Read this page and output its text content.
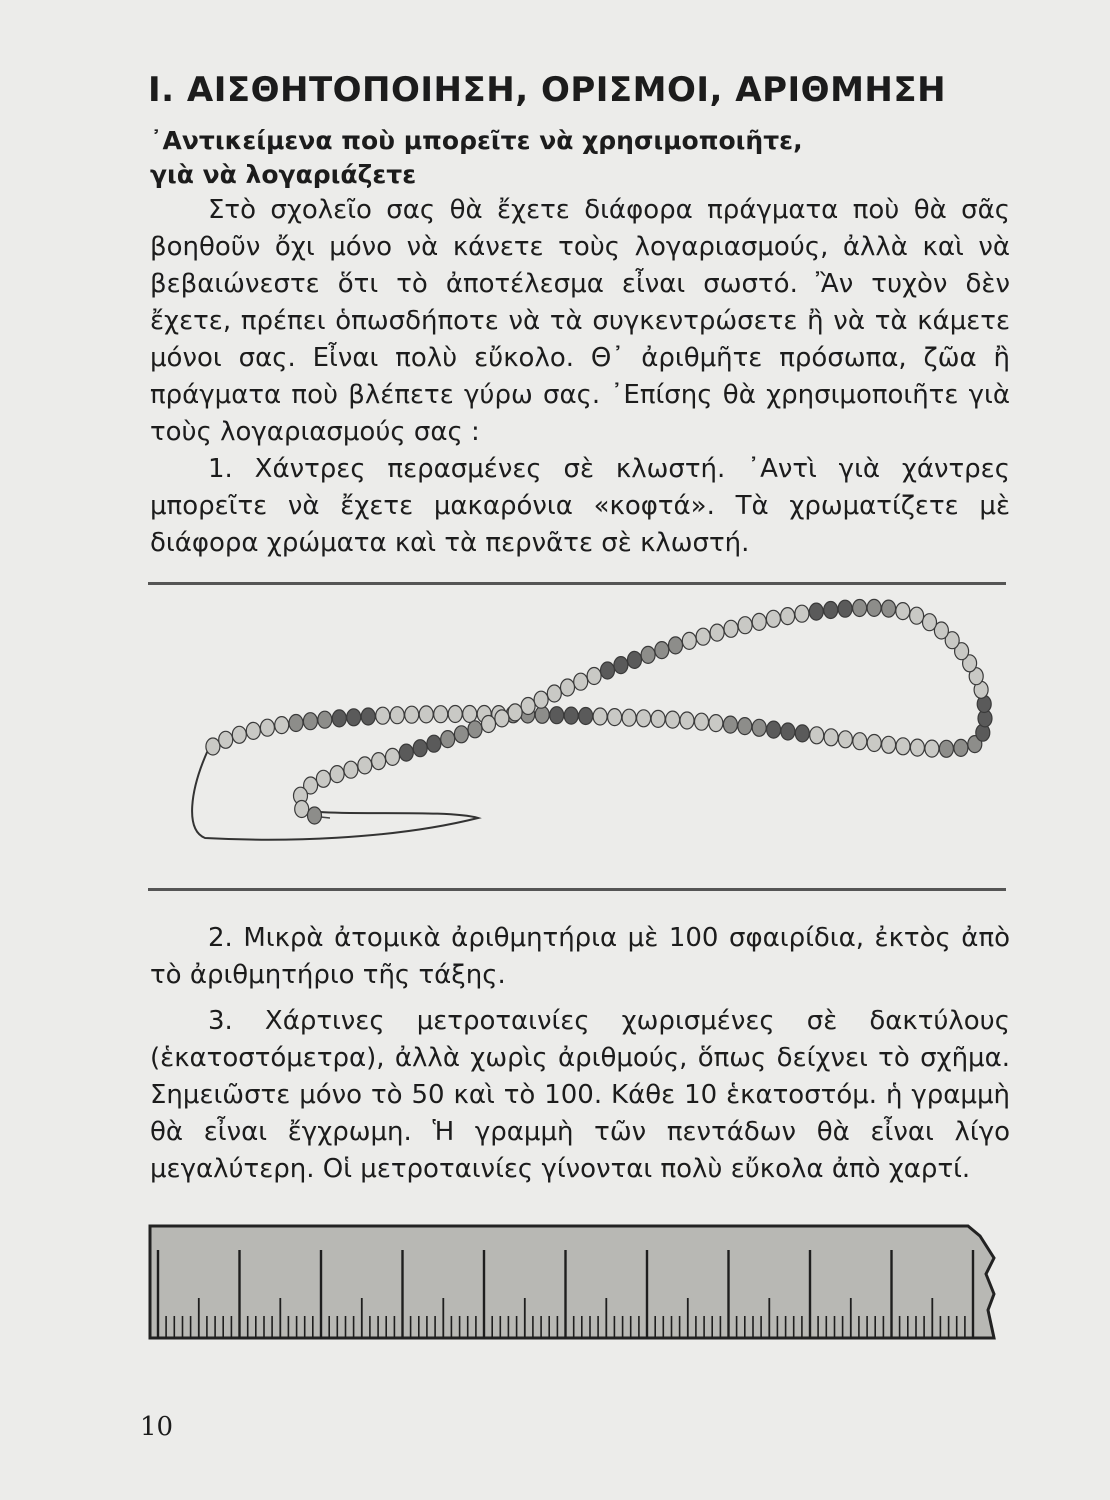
I. ΑΙΣΘΗΤΟΠΟΙΗΣΗ, ΟΡΙΣΜΟΙ, ΑΡΙΘΜΗΣΗ
᾿Αντικείμενα ποὺ μπορεῖτε νὰ χρησιμοποιῆτε,
γιὰ νὰ λογαριάζετε

Στὸ σχολεῖο σας θὰ ἔχετε διάφορα πράγματα ποὺ θὰ σᾶς βοηθοῦν ὄχι μόνο νὰ κάνετε τοὺς λογαριασμούς, ἀλλὰ καὶ νὰ βεβαιώνεστε ὅτι τὸ ἀποτέλεσμα εἶναι σωστό. Ἂν τυχὸν δὲν ἔχετε, πρέπει ὁπωσδήποτε νὰ τὰ συγκεντρώσετε ἢ νὰ τὰ κάμετε μόνοι σας. Εἶναι πολὺ εὔκολο. Θ᾿ ἀριθμῆτε πρόσωπα, ζῶα ἢ πράγματα ποὺ βλέπετε γύρω σας. ᾿Επίσης θὰ χρησιμοποιῆτε γιὰ τοὺς λογαριασμούς σας :

1. Χάντρες περασμένες σὲ κλωστή. ᾿Αντὶ γιὰ χάντρες μπορεῖτε νὰ ἔχετε μακαρόνια «κοφτά». Τὰ χρωματίζετε μὲ διάφορα χρώματα καὶ τὰ περνᾶτε σὲ κλωστή.

2. Μικρὰ ἀτομικὰ ἀριθμητήρια μὲ 100 σφαιρίδια, ἐκτὸς ἀπὸ τὸ ἀριθμητήριο τῆς τάξης.

3. Χάρτινες μετροταινίες χωρισμένες σὲ δακτύλους (ἑκατοστόμετρα), ἀλλὰ χωρὶς ἀριθμούς, ὅπως δείχνει τὸ σχῆμα. Σημειῶστε μόνο τὸ 50 καὶ τὸ 100. Κάθε 10 ἑκατοστόμ. ἡ γραμμὴ θὰ εἶναι ἔγχρωμη. Ἡ γραμμὴ τῶν πεντάδων θὰ εἶναι λίγο μεγαλύτερη. Οἱ μετροταινίες γίνονται πολὺ εὔκολα ἀπὸ χαρτί.

10
